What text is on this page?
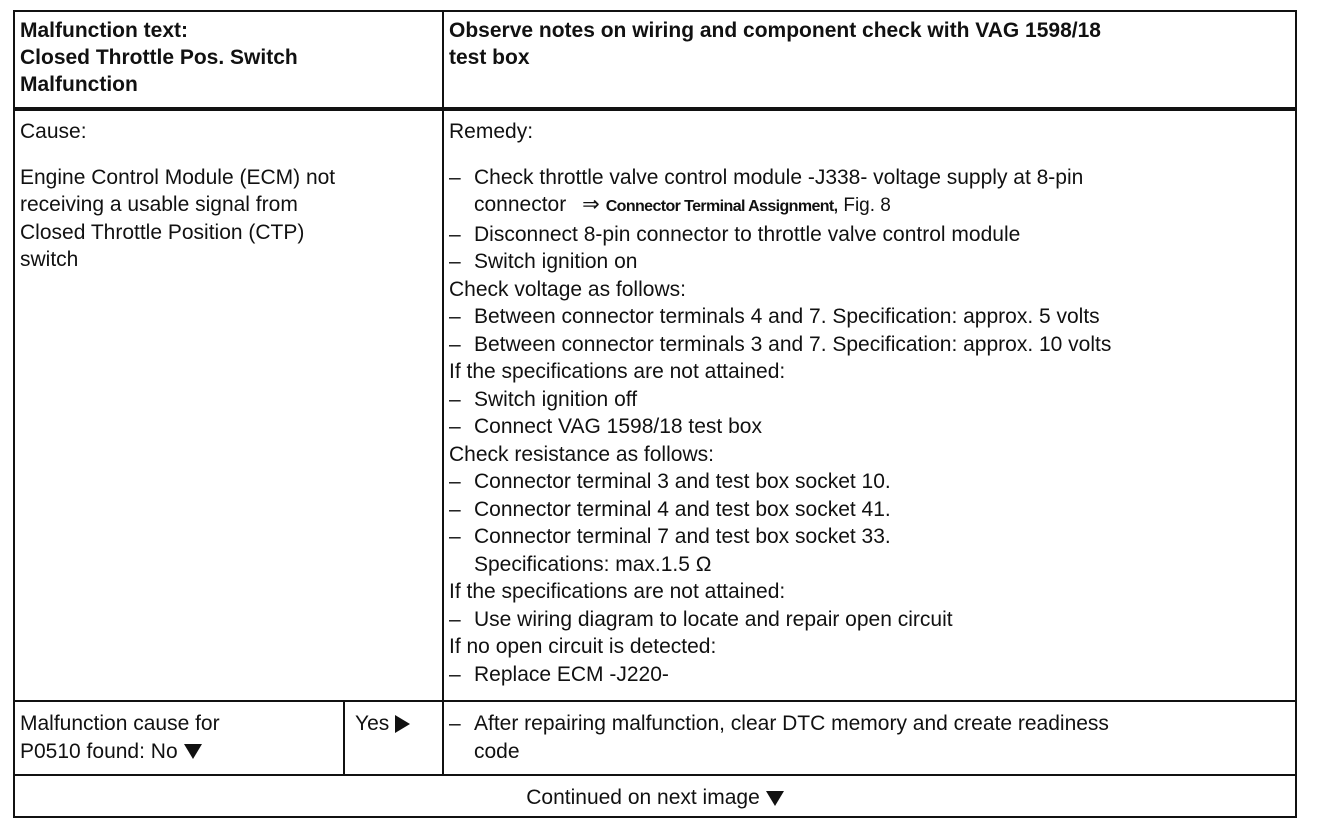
Malfunction text:
Closed Throttle Pos. Switch
Malfunction
Observe notes on wiring and component check with VAG 1598/18
test box
Cause:
Engine Control Module (ECM) not
receiving a usable signal from
Closed Throttle Position (CTP)
switch
Remedy:
– Check throttle valve control module -J338- voltage supply at 8-pin
connector ⇒ Connector Terminal Assignment, Fig. 8
– Disconnect 8-pin connector to throttle valve control module
– Switch ignition on
Check voltage as follows:
– Between connector terminals 4 and 7. Specification: approx. 5 volts
– Between connector terminals 3 and 7. Specification: approx. 10 volts
If the specifications are not attained:
– Switch ignition off
– Connect VAG 1598/18 test box
Check resistance as follows:
– Connector terminal 3 and test box socket 10.
– Connector terminal 4 and test box socket 41.
– Connector terminal 7 and test box socket 33.
Specifications: max.1.5 Ω
If the specifications are not attained:
– Use wiring diagram to locate and repair open circuit
If no open circuit is detected:
– Replace ECM -J220-
Malfunction cause for
P0510 found: No
Yes	– After repairing malfunction, clear DTC memory and create readiness
code
Continued on next image
